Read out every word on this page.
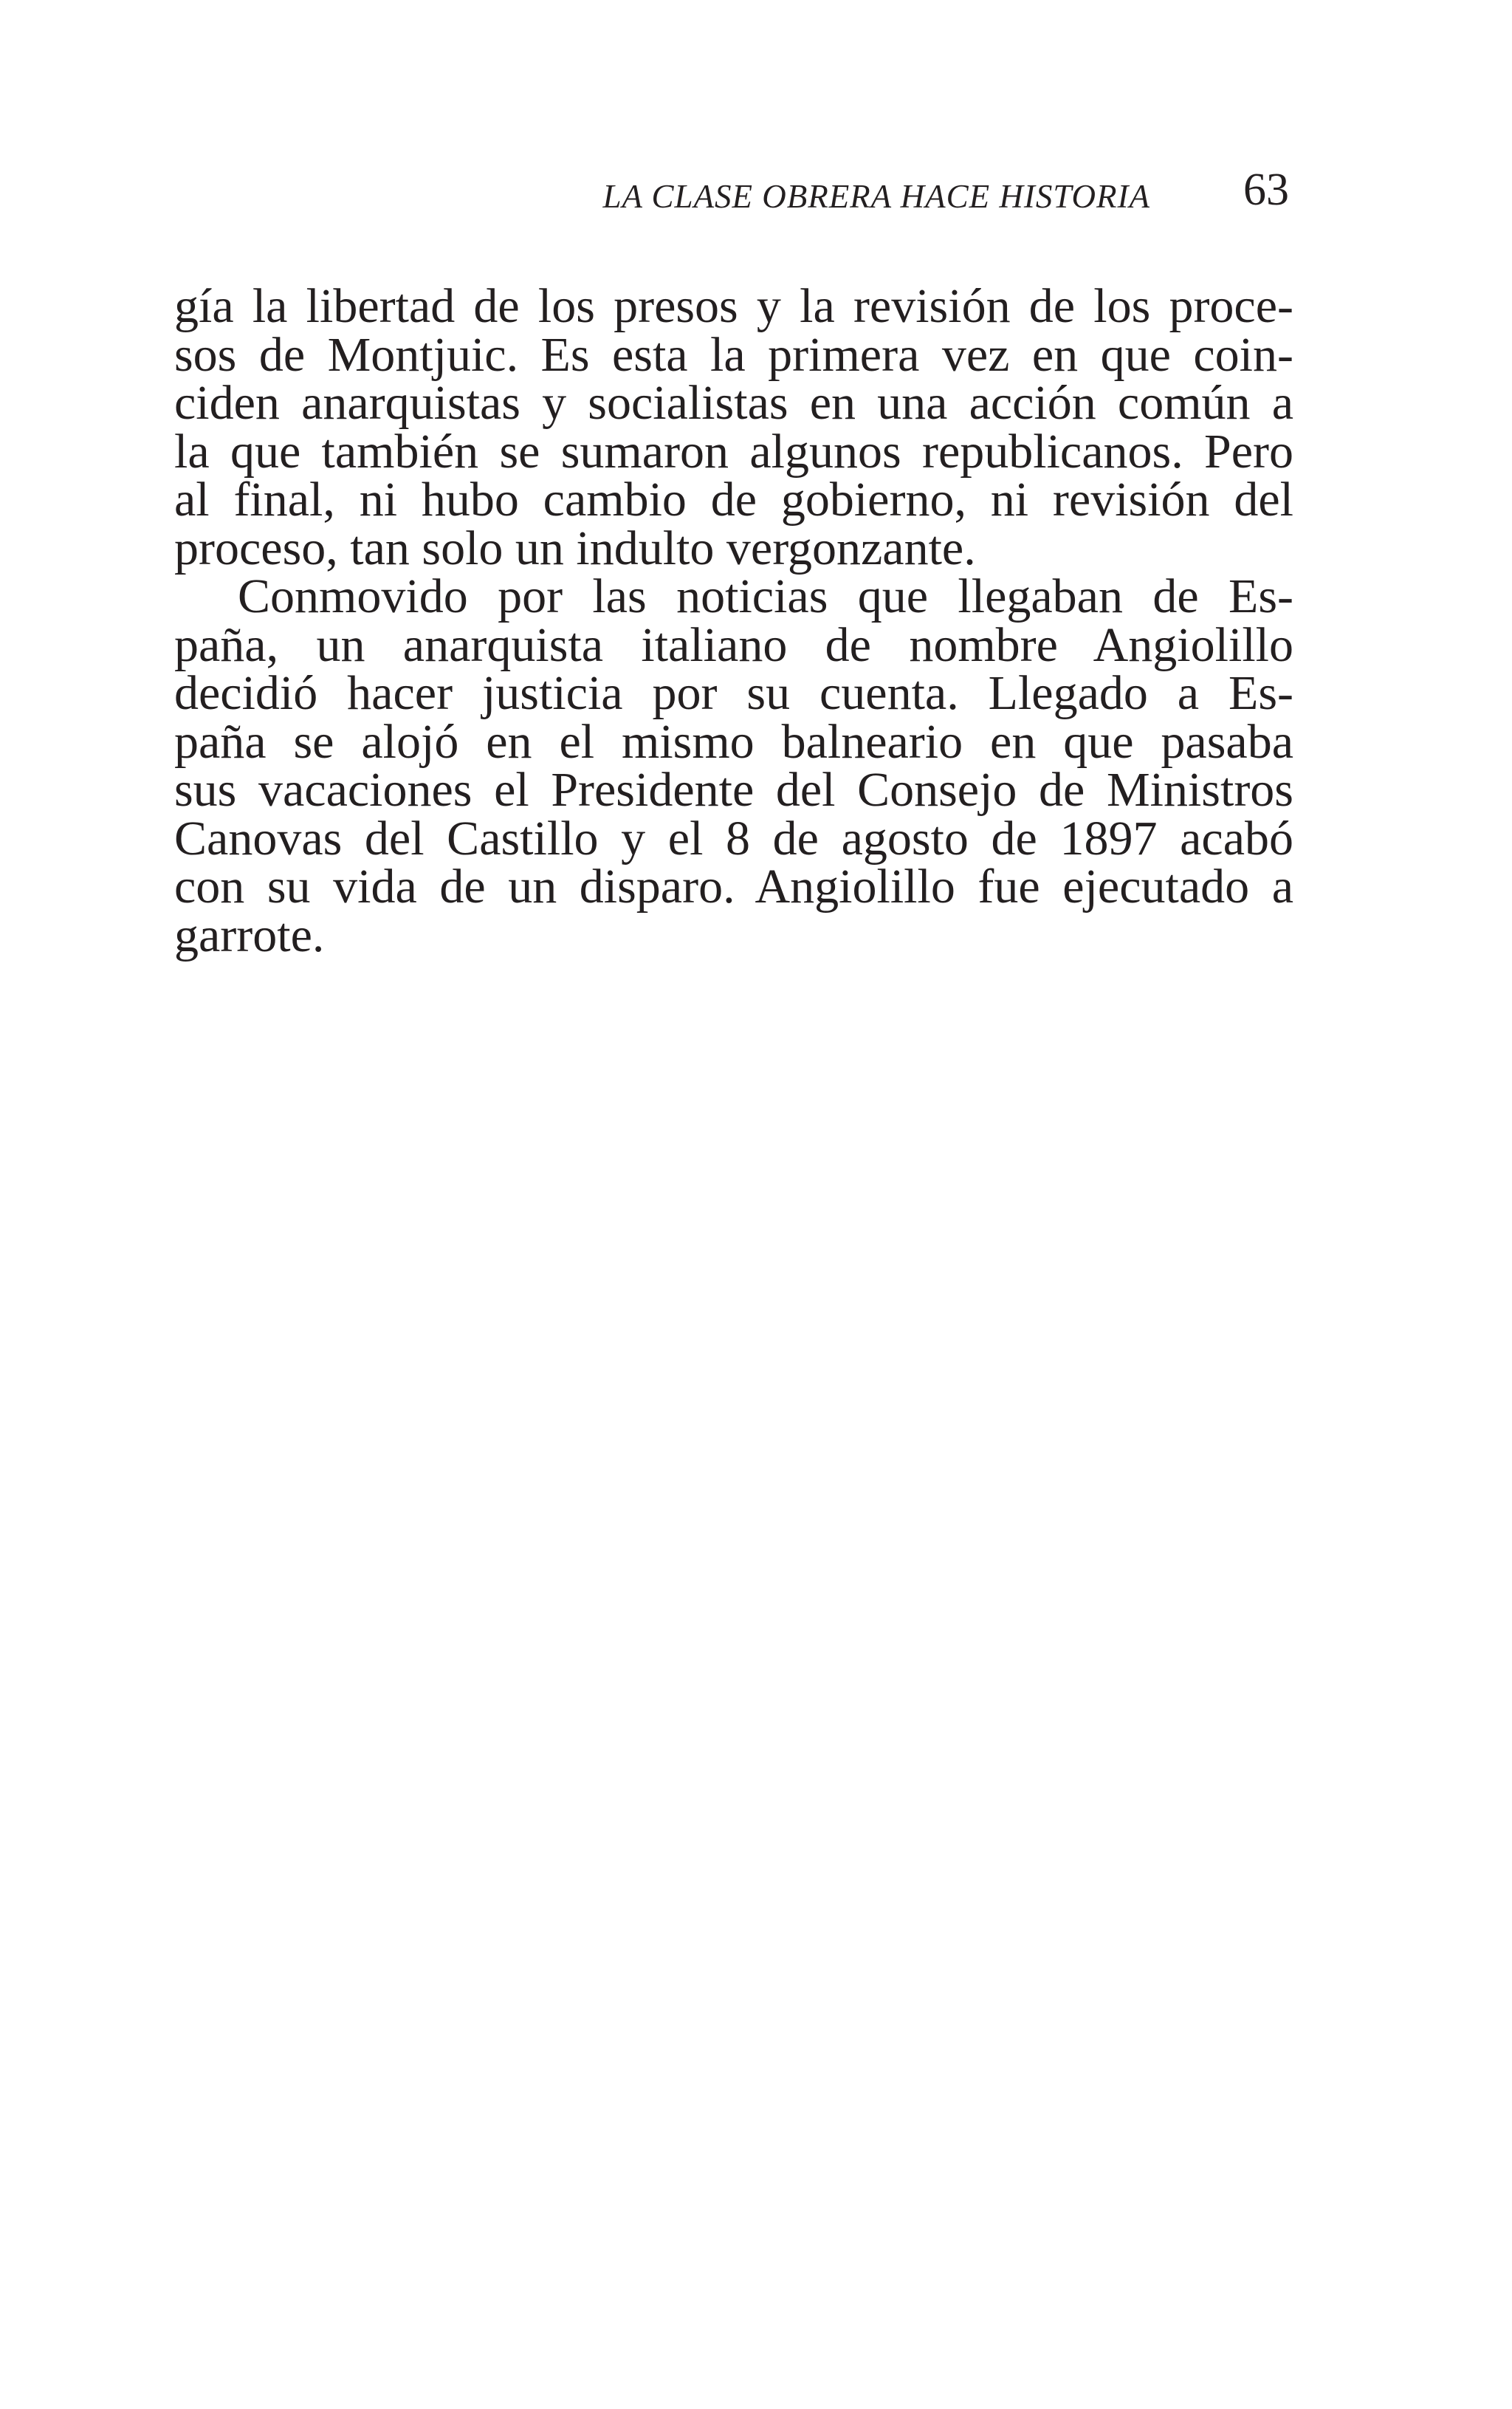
LA CLASE OBRERA HACE HISTORIA 63

gía la libertad de los presos y la revisión de los proce-
sos de Montjuic. Es esta la primera vez en que coin-
ciden anarquistas y socialistas en una acción común a
la que también se sumaron algunos republicanos. Pero
al final, ni hubo cambio de gobierno, ni revisión del
proceso, tan solo un indulto vergonzante.

Conmovido por las noticias que llegaban de Es-
paña, un anarquista italiano de nombre Angiolillo
decidió hacer justicia por su cuenta. Llegado a Es-
paña se alojó en el mismo balneario en que pasaba
sus vacaciones el Presidente del Consejo de Ministros
Canovas del Castillo y el 8 de agosto de 1897 acabó
con su vida de un disparo. Angiolillo fue ejecutado a
garrote.
